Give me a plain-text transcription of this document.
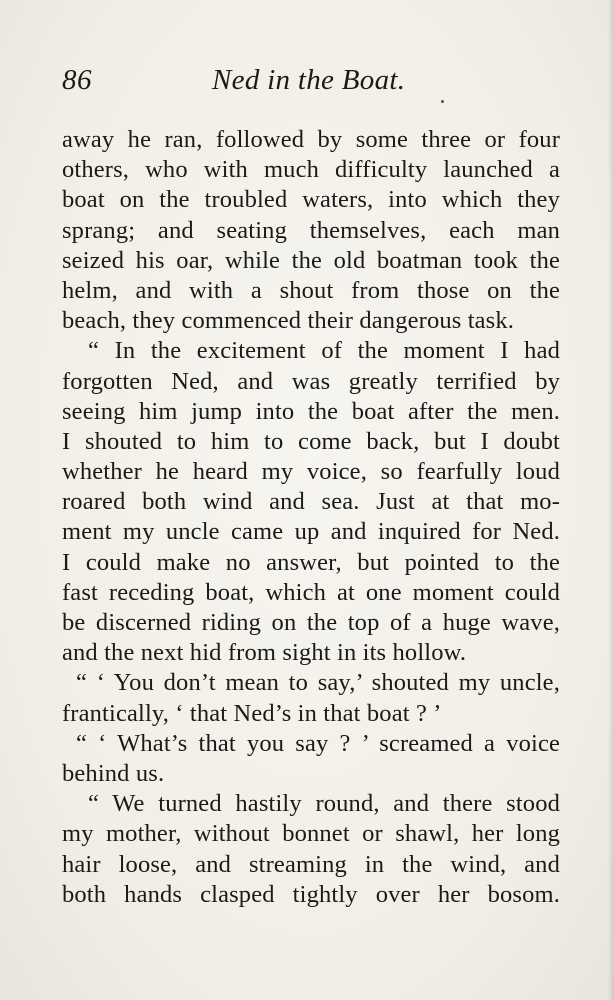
86	Ned in the Boat.
away he ran, followed by some three or four
others, who with much difficulty launched a
boat on the troubled waters, into which they
sprang; and seating themselves, each man
seized his oar, while the old boatman took the
helm, and with a shout from those on the
beach, they commenced their dangerous task.
“ In the excitement of the moment I had
forgotten Ned, and was greatly terrified by
seeing him jump into the boat after the men.
I shouted to him to come back, but I doubt
whether he heard my voice, so fearfully loud
roared both wind and sea. Just at that mo-
ment my uncle came up and inquired for Ned.
I could make no answer, but pointed to the
fast receding boat, which at one moment could
be discerned riding on the top of a huge wave,
and the next hid from sight in its hollow.
“ ‘ You don’t mean to say,’ shouted my uncle,
frantically, ‘ that Ned’s in that boat ? ’
“ ‘ What’s that you say ? ’ screamed a voice
behind us.
“ We turned hastily round, and there stood
my mother, without bonnet or shawl, her long
hair loose, and streaming in the wind, and
both hands clasped tightly over her bosom.
